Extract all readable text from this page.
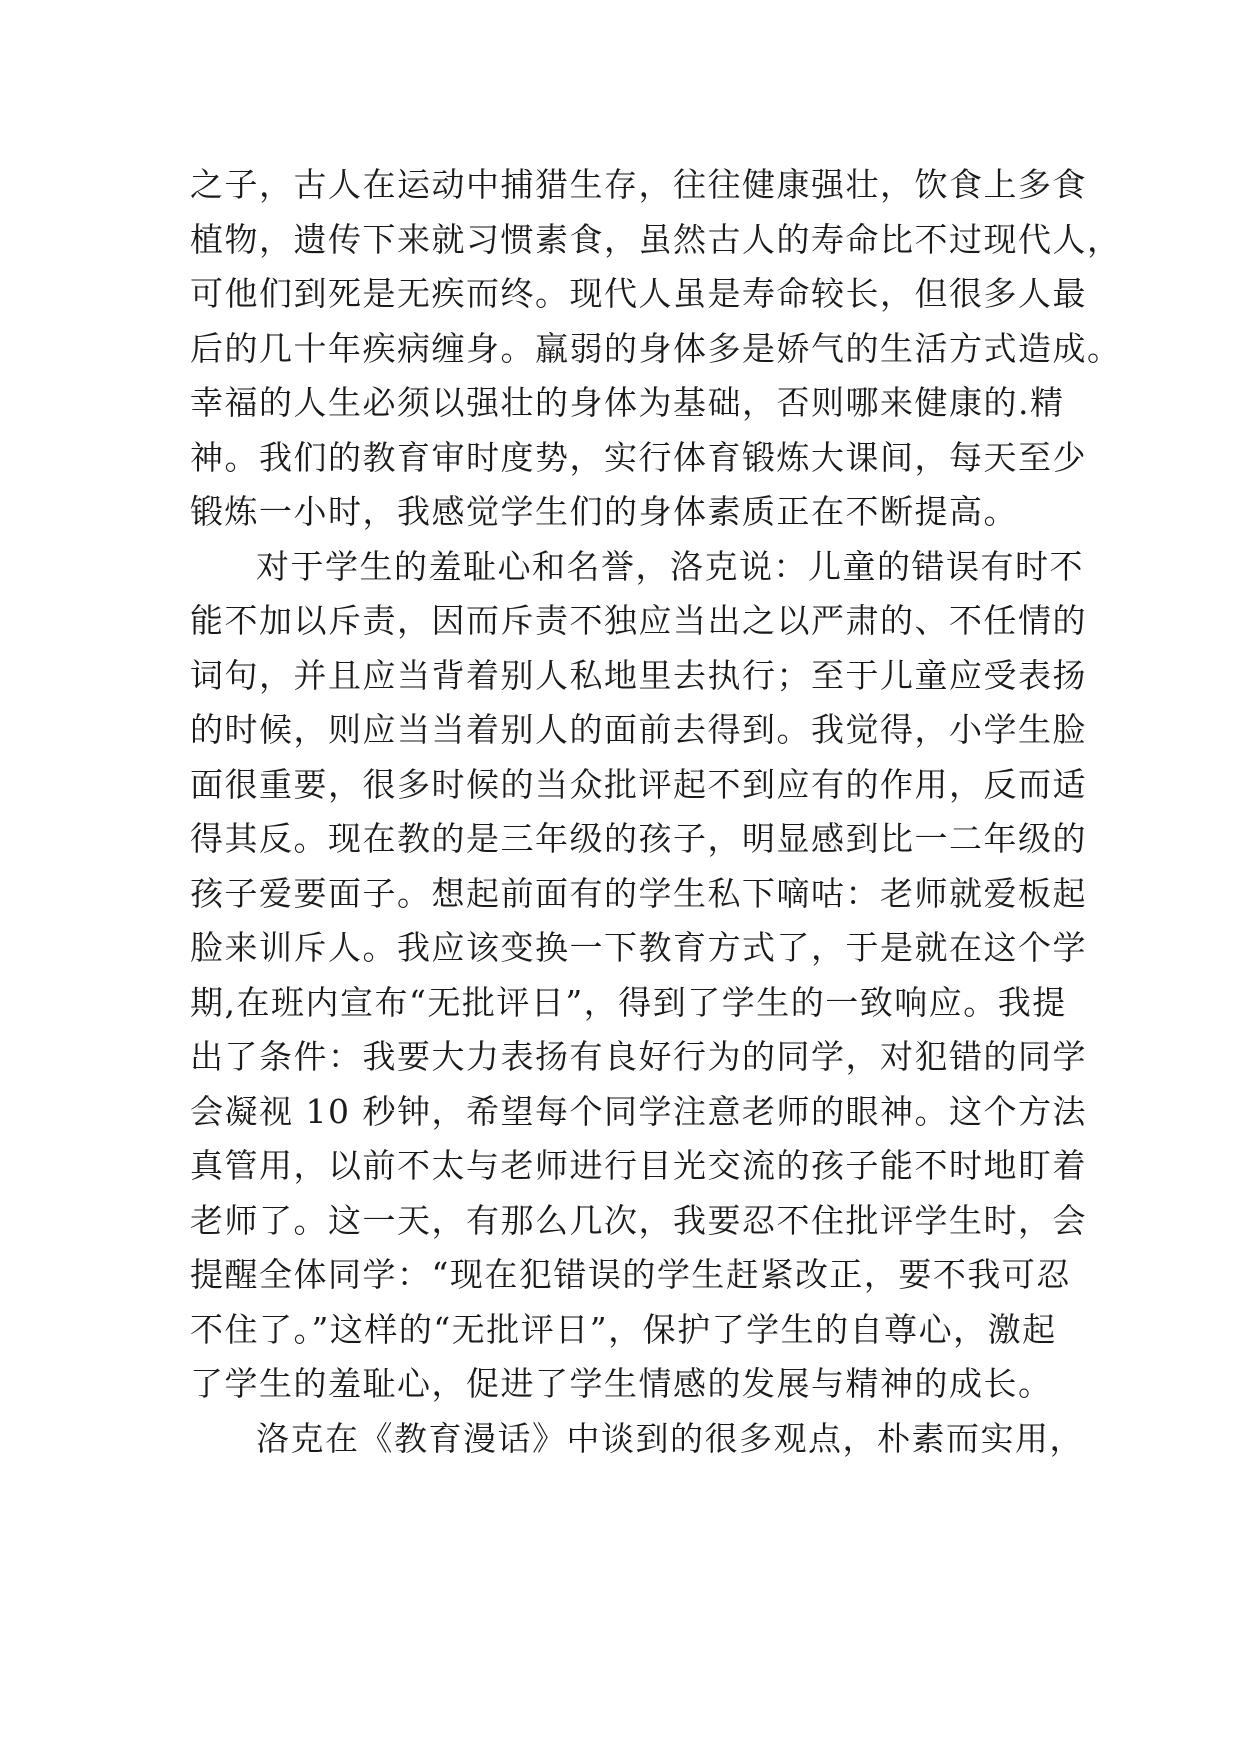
之子，古人在运动中捕猎生存，往往健康强壮，饮食上多食
植物，遗传下来就习惯素食，虽然古人的寿命比不过现代人，
可他们到死是无疾而终。现代人虽是寿命较长，但很多人最
后的几十年疾病缠身。羸弱的身体多是娇气的生活方式造成。
幸福的人生必须以强壮的身体为基础，否则哪来健康的.精
神。我们的教育审时度势，实行体育锻炼大课间，每天至少
锻炼一小时，我感觉学生们的身体素质正在不断提高。
对于学生的羞耻心和名誉，洛克说：儿童的错误有时不
能不加以斥责，因而斥责不独应当出之以严肃的、不任情的
词句，并且应当背着别人私地里去执行；至于儿童应受表扬
的时候，则应当当着别人的面前去得到。我觉得，小学生脸
面很重要，很多时候的当众批评起不到应有的作用，反而适
得其反。现在教的是三年级的孩子，明显感到比一二年级的
孩子爱要面子。想起前面有的学生私下嘀咕：老师就爱板起
脸来训斥人。我应该变换一下教育方式了，于是就在这个学
期,在班内宣布“无批评日”，得到了学生的一致响应。我提
出了条件：我要大力表扬有良好行为的同学，对犯错的同学
会凝视 10 秒钟，希望每个同学注意老师的眼神。这个方法
真管用，以前不太与老师进行目光交流的孩子能不时地盯着
老师了。这一天，有那么几次，我要忍不住批评学生时，会
提醒全体同学：“现在犯错误的学生赶紧改正，要不我可忍
不住了。”这样的“无批评日”，保护了学生的自尊心，激起
了学生的羞耻心，促进了学生情感的发展与精神的成长。
洛克在《教育漫话》中谈到的很多观点，朴素而实用，
